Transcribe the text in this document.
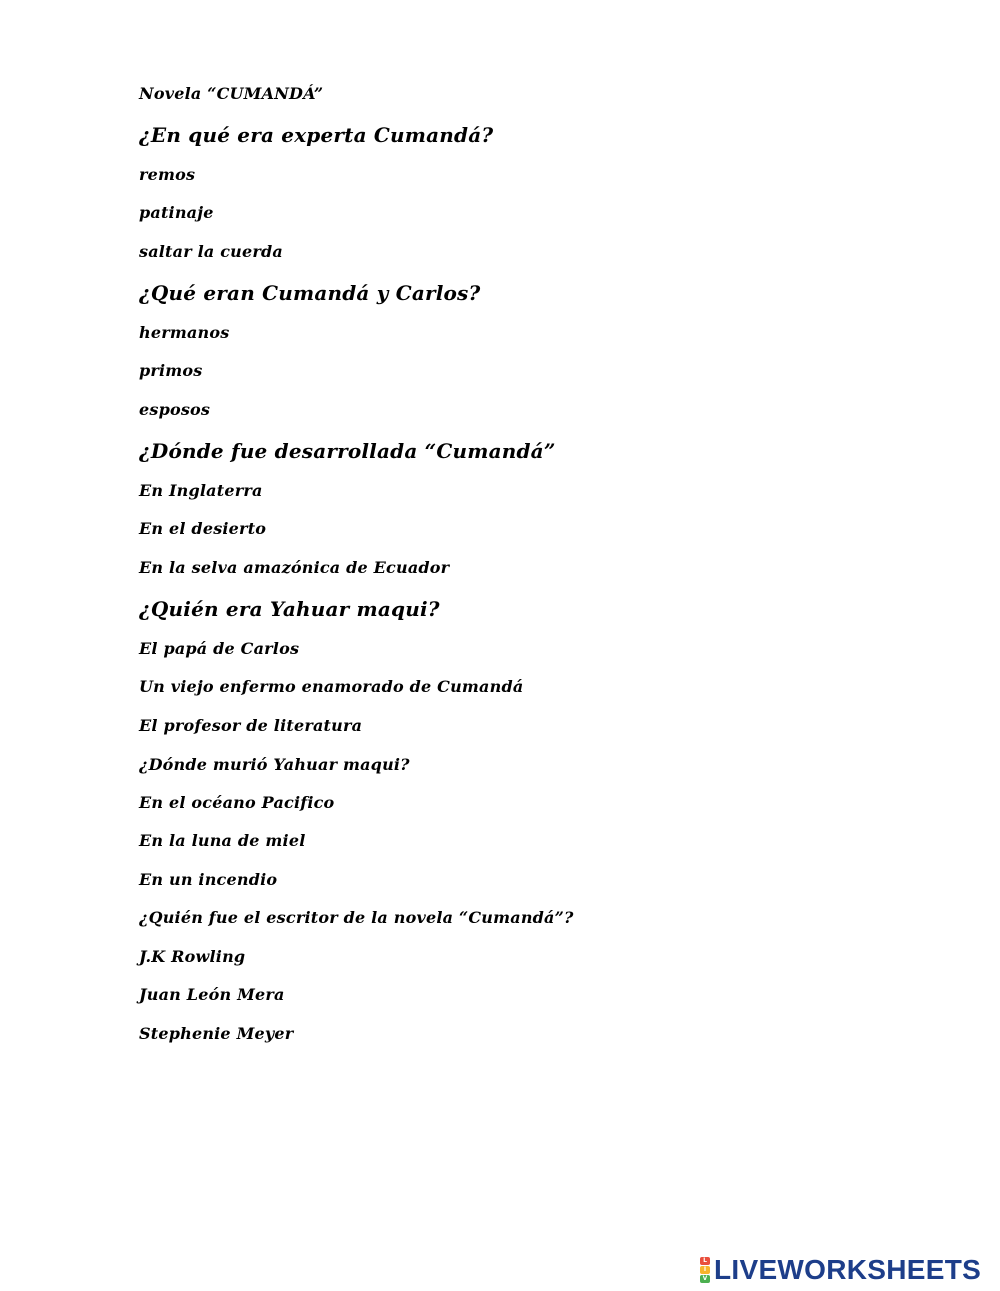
Novela “CUMANDÁ”
¿En qué era experta Cumandá?
remos
patinaje
saltar la cuerda
¿Qué eran Cumandá y Carlos?
hermanos
primos
esposos
¿Dónde fue desarrollada “Cumandá”
En Inglaterra
En el desierto
En la selva amazónica de Ecuador
¿Quién era Yahuar maqui?
El papá de Carlos
Un viejo enfermo enamorado de Cumandá
El profesor de literatura
¿Dónde murió Yahuar maqui?
En el océano Pacifico
En la luna de miel
En un incendio
¿Quién fue el escritor de la novela “Cumandá”?
J.K Rowling
Juan León Mera
Stephenie Meyer
L
I
V LIVEWORKSHEETS
